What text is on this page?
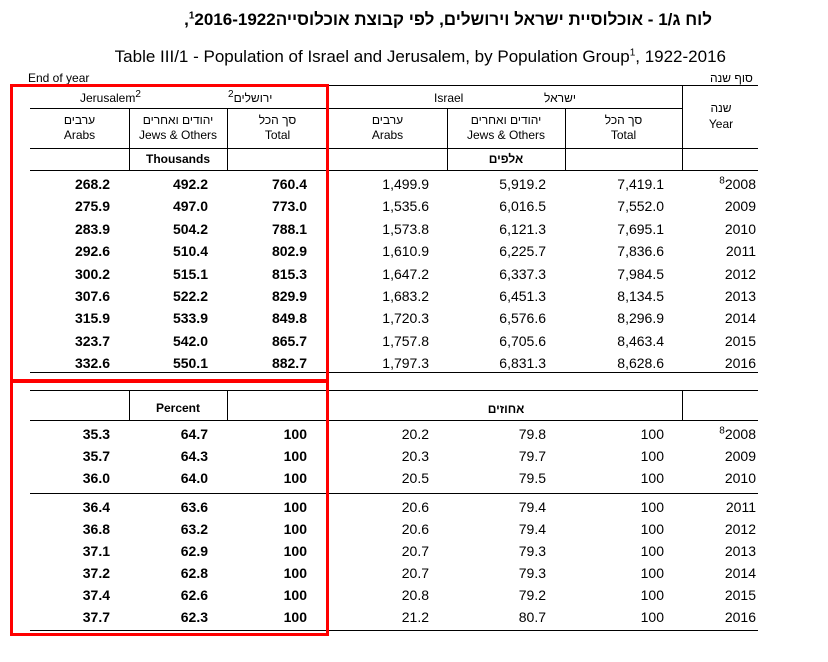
לוח ג/1 - אוכלוסיית ישראל וירושלים, לפי קבוצת אוכלוסייה$^1$2016-1922,
Table III/1 - Population of Israel and Jerusalem, by Population Group$^1$, 1922-2016
End of year	סוף שנה
Jerusalem$^2$	ירושלים$^2$	Israel	ישראל
שנה
Year
ערבים
Arabs
יהודים ואחרים
Jews & Others
סך הכל
Total
ערבים
Arabs
יהודים ואחרים
Jews & Others
סך הכל
Total
Thousands	אלפים
Percent	אחוזים
268.2	492.2	760.4	1,499.9	5,919.2	7,419.1	$^8$2008
275.9	497.0	773.0	1,535.6	6,016.5	7,552.0	2009
283.9	504.2	788.1	1,573.8	6,121.3	7,695.1	2010
292.6	510.4	802.9	1,610.9	6,225.7	7,836.6	2011
300.2	515.1	815.3	1,647.2	6,337.3	7,984.5	2012
307.6	522.2	829.9	1,683.2	6,451.3	8,134.5	2013
315.9	533.9	849.8	1,720.3	6,576.6	8,296.9	2014
323.7	542.0	865.7	1,757.8	6,705.6	8,463.4	2015
332.6	550.1	882.7	1,797.3	6,831.3	8,628.6	2016
35.3	64.7	100	20.2	79.8	100	$^8$2008
35.7	64.3	100	20.3	79.7	100	2009
36.0	64.0	100	20.5	79.5	100	2010
36.4	63.6	100	20.6	79.4	100	2011
36.8	63.2	100	20.6	79.4	100	2012
37.1	62.9	100	20.7	79.3	100	2013
37.2	62.8	100	20.7	79.3	100	2014
37.4	62.6	100	20.8	79.2	100	2015
37.7	62.3	100	21.2	80.7	100	2016
